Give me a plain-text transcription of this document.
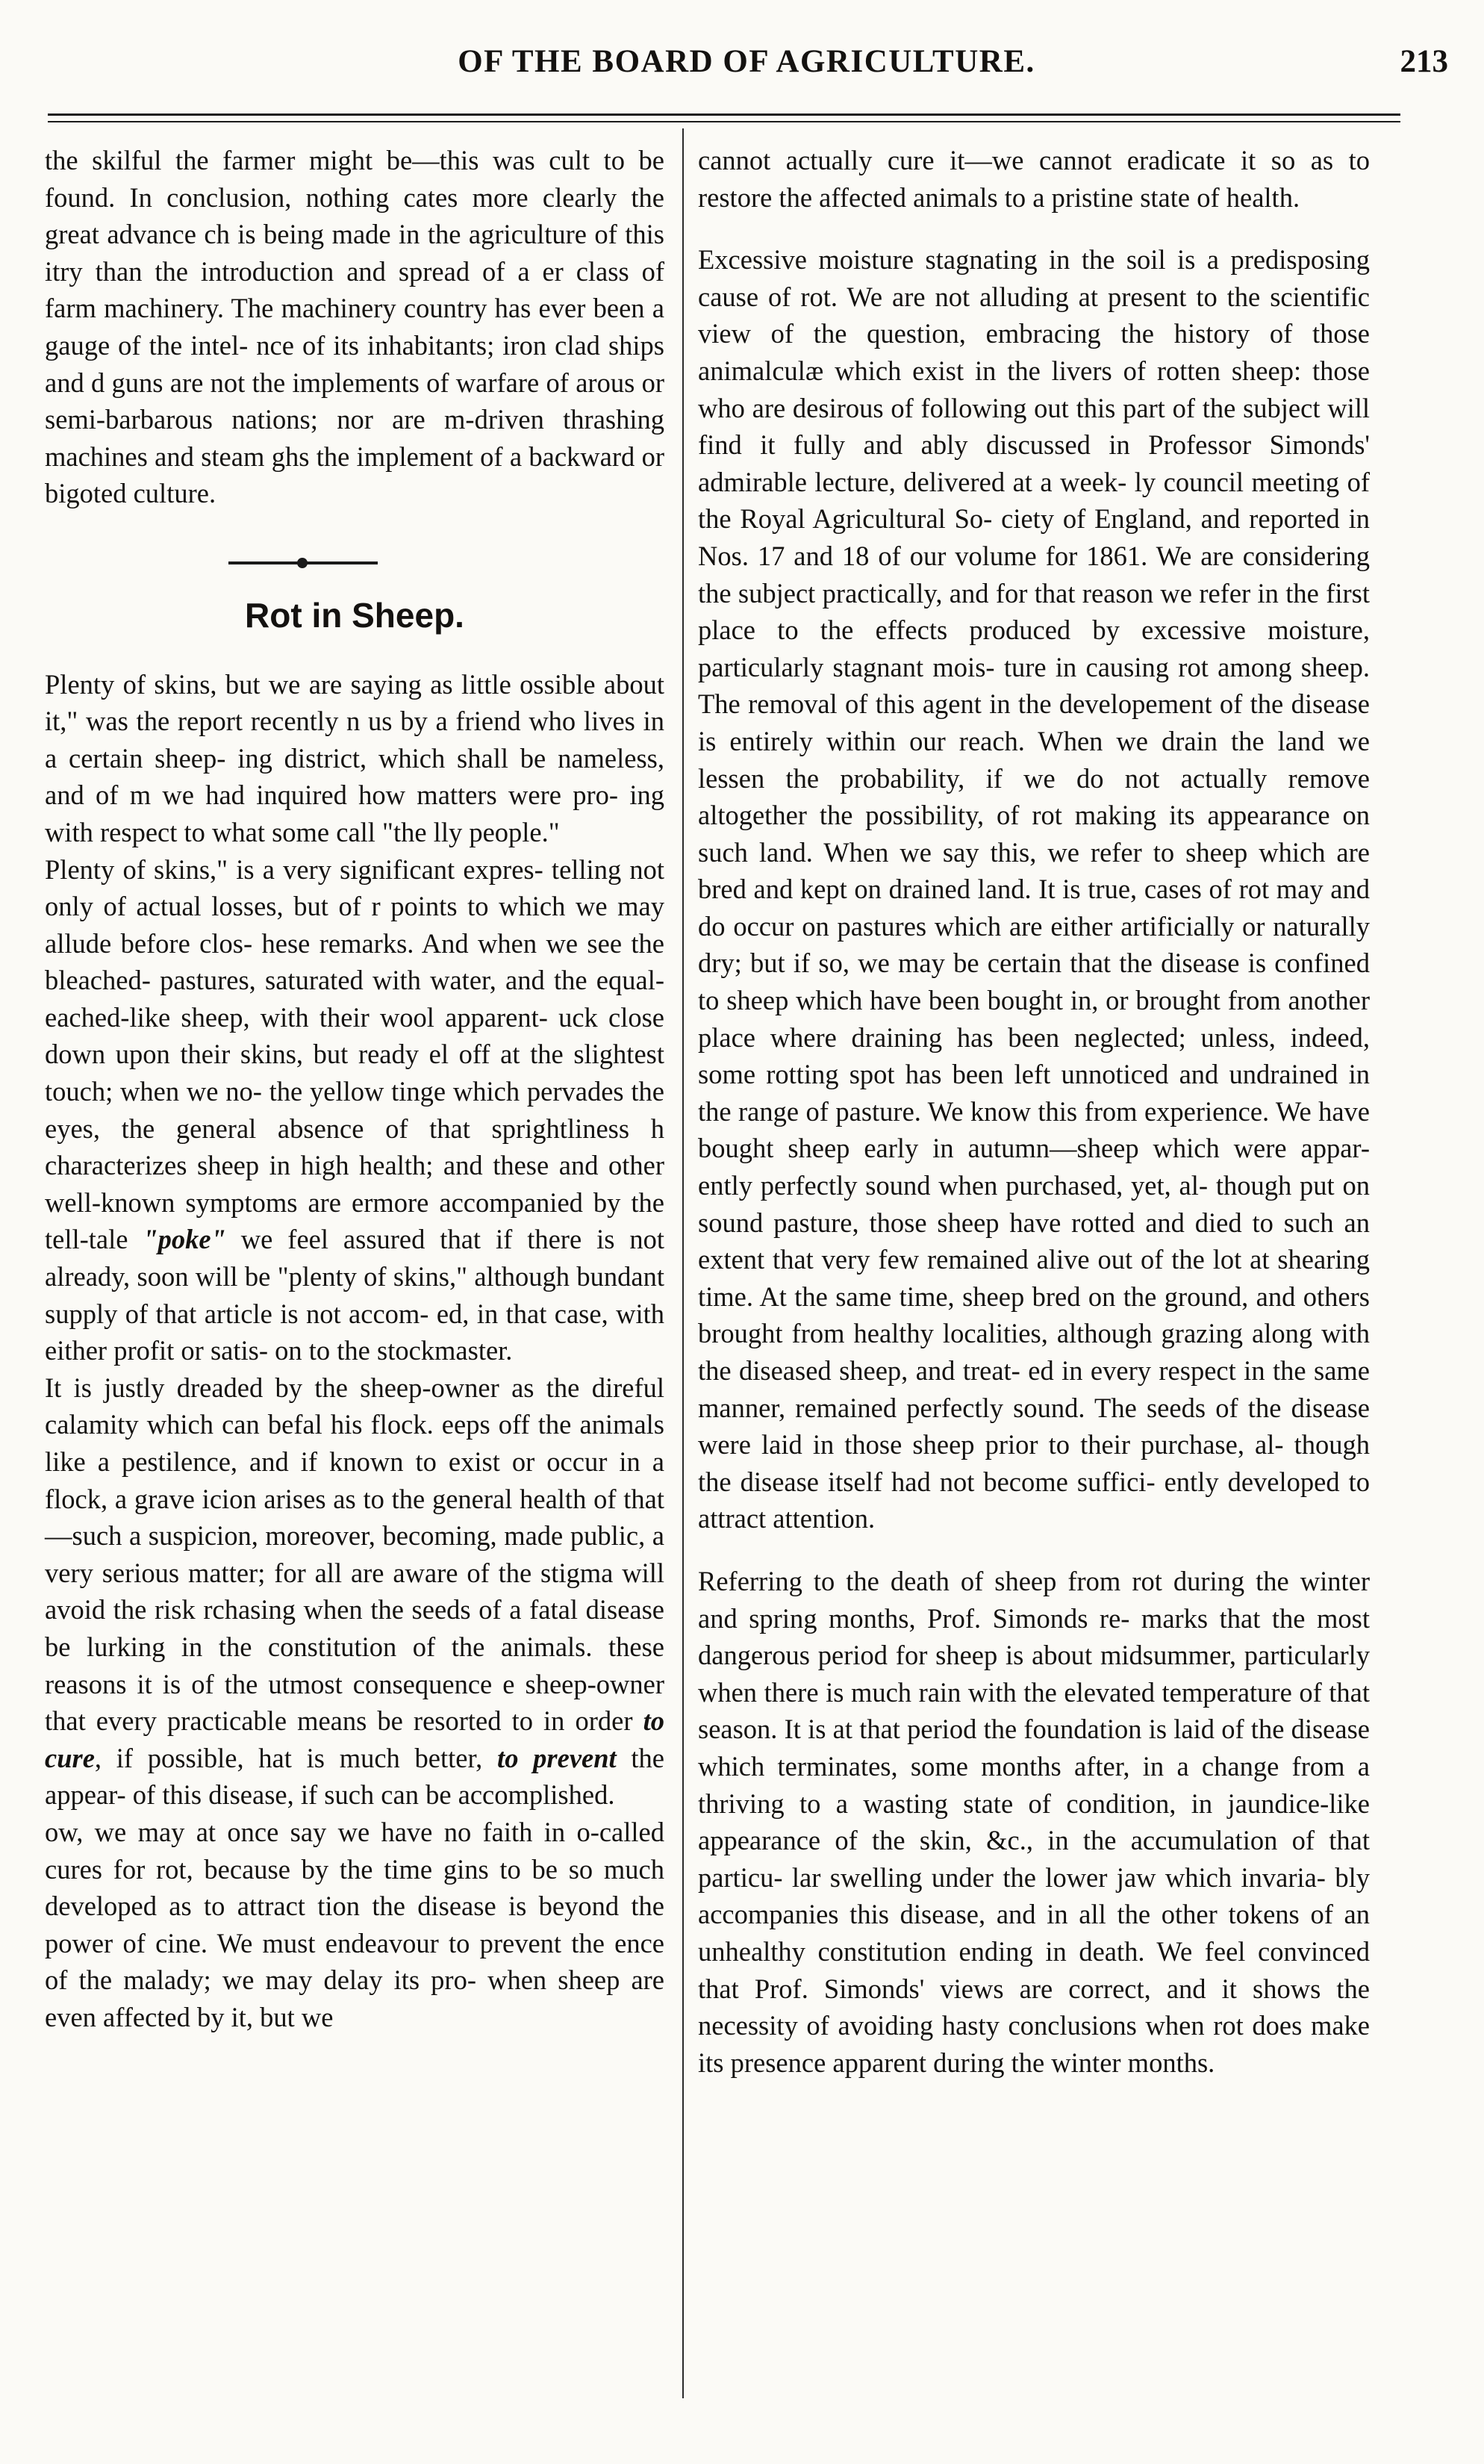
OF THE BOARD OF AGRICULTURE.	213

the skilful the farmer might be—this was cult to be found. In conclusion, nothing cates more clearly the great advance ch is being made in the agriculture of this itry than the introduction and spread of a er class of farm machinery. The machinery country has ever been a gauge of the intel- nce of its inhabitants; iron clad ships and d guns are not the implements of warfare of arous or semi-barbarous nations; nor are m-driven thrashing machines and steam ghs the implement of a backward or bigoted culture.

Rot in Sheep.

Plenty of skins, but we are saying as little ossible about it," was the report recently n us by a friend who lives in a certain sheep- ing district, which shall be nameless, and of m we had inquired how matters were pro- ing with respect to what some call "the lly people."

Plenty of skins," is a very significant expres- telling not only of actual losses, but of r points to which we may allude before clos- hese remarks. And when we see the bleached- pastures, saturated with water, and the equal- eached-like sheep, with their wool apparent- uck close down upon their skins, but ready el off at the slightest touch; when we no- the yellow tinge which pervades the eyes, the general absence of that sprightliness h characterizes sheep in high health; and these and other well-known symptoms are ermore accompanied by the tell-tale "poke" we feel assured that if there is not already, soon will be "plenty of skins," although bundant supply of that article is not accom- ed, in that case, with either profit or satis- on to the stockmaster.

It is justly dreaded by the sheep-owner as the direful calamity which can befal his flock. eeps off the animals like a pestilence, and if known to exist or occur in a flock, a grave icion arises as to the general health of that —such a suspicion, moreover, becoming, made public, a very serious matter; for all are aware of the stigma will avoid the risk rchasing when the seeds of a fatal disease be lurking in the constitution of the animals. these reasons it is of the utmost consequence e sheep-owner that every practicable means be resorted to in order to cure, if possible, hat is much better, to prevent the appear- of this disease, if such can be accomplished.

ow, we may at once say we have no faith in o-called cures for rot, because by the time gins to be so much developed as to attract tion the disease is beyond the power of cine. We must endeavour to prevent the ence of the malady; we may delay its pro- when sheep are even affected by it, but we

cannot actually cure it—we cannot eradicate it so as to restore the affected animals to a pristine state of health.

Excessive moisture stagnating in the soil is a predisposing cause of rot. We are not alluding at present to the scientific view of the question, embracing the history of those animalculæ which exist in the livers of rotten sheep: those who are desirous of following out this part of the subject will find it fully and ably discussed in Professor Simonds' admirable lecture, delivered at a week- ly council meeting of the Royal Agricultural So- ciety of England, and reported in Nos. 17 and 18 of our volume for 1861. We are considering the subject practically, and for that reason we refer in the first place to the effects produced by excessive moisture, particularly stagnant mois- ture in causing rot among sheep. The removal of this agent in the developement of the disease is entirely within our reach. When we drain the land we lessen the probability, if we do not actually remove altogether the possibility, of rot making its appearance on such land. When we say this, we refer to sheep which are bred and kept on drained land. It is true, cases of rot may and do occur on pastures which are either artificially or naturally dry; but if so, we may be certain that the disease is confined to sheep which have been bought in, or brought from another place where draining has been neglected; unless, indeed, some rotting spot has been left unnoticed and undrained in the range of pasture. We know this from experience. We have bought sheep early in autumn—sheep which were appar- ently perfectly sound when purchased, yet, al- though put on sound pasture, those sheep have rotted and died to such an extent that very few remained alive out of the lot at shearing time. At the same time, sheep bred on the ground, and others brought from healthy localities, although grazing along with the diseased sheep, and treat- ed in every respect in the same manner, remained perfectly sound. The seeds of the disease were laid in those sheep prior to their purchase, al- though the disease itself had not become suffici- ently developed to attract attention.

Referring to the death of sheep from rot during the winter and spring months, Prof. Simonds re- marks that the most dangerous period for sheep is about midsummer, particularly when there is much rain with the elevated temperature of that season. It is at that period the foundation is laid of the disease which terminates, some months after, in a change from a thriving to a wasting state of condition, in jaundice-like appearance of the skin, &c., in the accumulation of that particu- lar swelling under the lower jaw which invaria- bly accompanies this disease, and in all the other tokens of an unhealthy constitution ending in death. We feel convinced that Prof. Simonds' views are correct, and it shows the necessity of avoiding hasty conclusions when rot does make its presence apparent during the winter months.
